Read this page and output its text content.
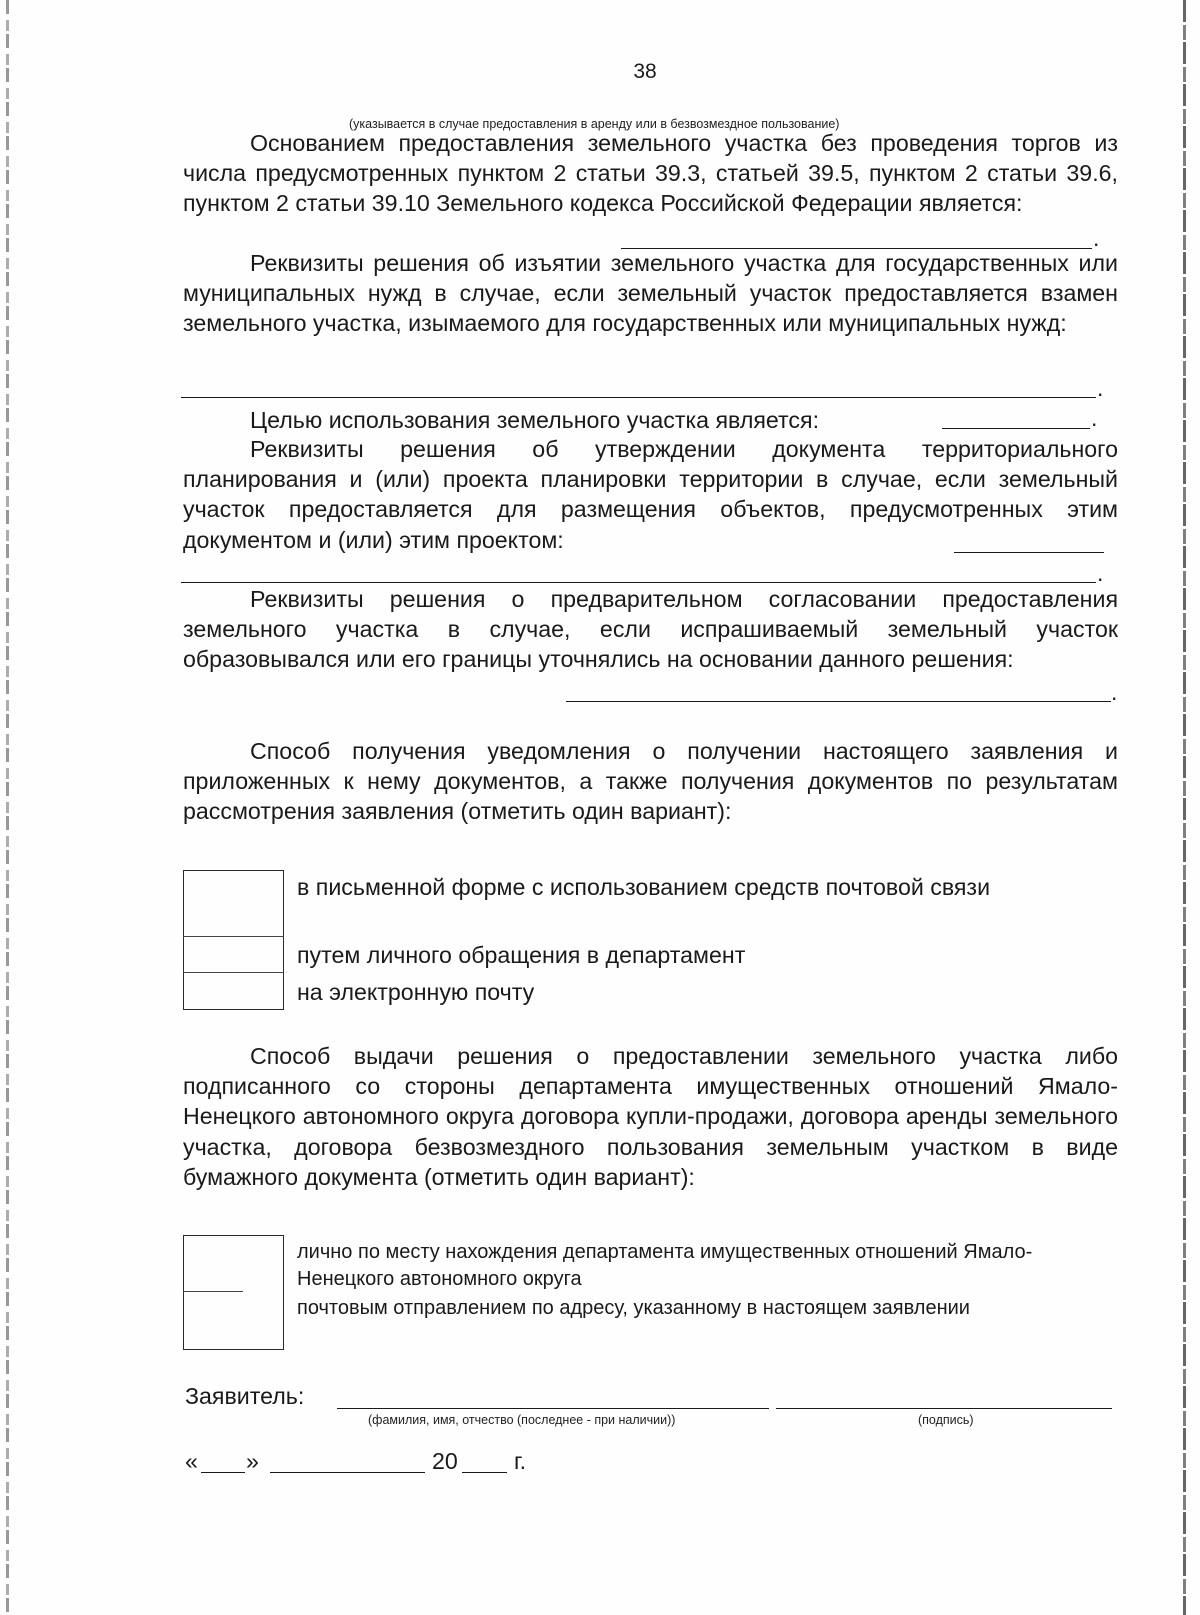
38
(указывается в случае предоставления в аренду или в безвозмездное пользование)

Основанием предоставления земельного участка без проведения торгов из числа предусмотренных пунктом 2 статьи 39.3, статьей 39.5, пунктом 2 статьи 39.6, пунктом 2 статьи 39.10 Земельного кодекса Российской Федерации является:

.

Реквизиты решения об изъятии земельного участка для государственных или муниципальных нужд в случае, если земельный участок предоставляется взамен земельного участка, изымаемого для государственных или муниципальных нужд:

.

Целью использования земельного участка является:	.

Реквизиты решения об утверждении документа территориального планирования и (или) проекта планировки территории в случае, если земельный участок предоставляется для размещения объектов, предусмотренных этим документом и (или) этим проектом:

.

Реквизиты решения о предварительном согласовании предоставления земельного участка в случае, если испрашиваемый земельный участок образовывался или его границы уточнялись на основании данного решения:

.

Способ получения уведомления о получении настоящего заявления и приложенных к нему документов, а также получения документов по результатам рассмотрения заявления (отметить один вариант):

в письменной форме с использованием средств почтовой связи
путем личного обращения в департамент
на электронную почту

Способ выдачи решения о предоставлении земельного участка либо подписанного со стороны департамента имущественных отношений Ямало-Ненецкого автономного округа договора купли-продажи, договора аренды земельного участка, договора безвозмездного пользования земельным участком в виде бумажного документа (отметить один вариант):

лично по месту нахождения департамента имущественных отношений Ямало-Ненецкого автономного округа
почтовым отправлением по адресу, указанному в настоящем заявлении
Заявитель:
(фамилия, имя, отчество (последнее - при наличии))	(подпись)
« »	20 г.
